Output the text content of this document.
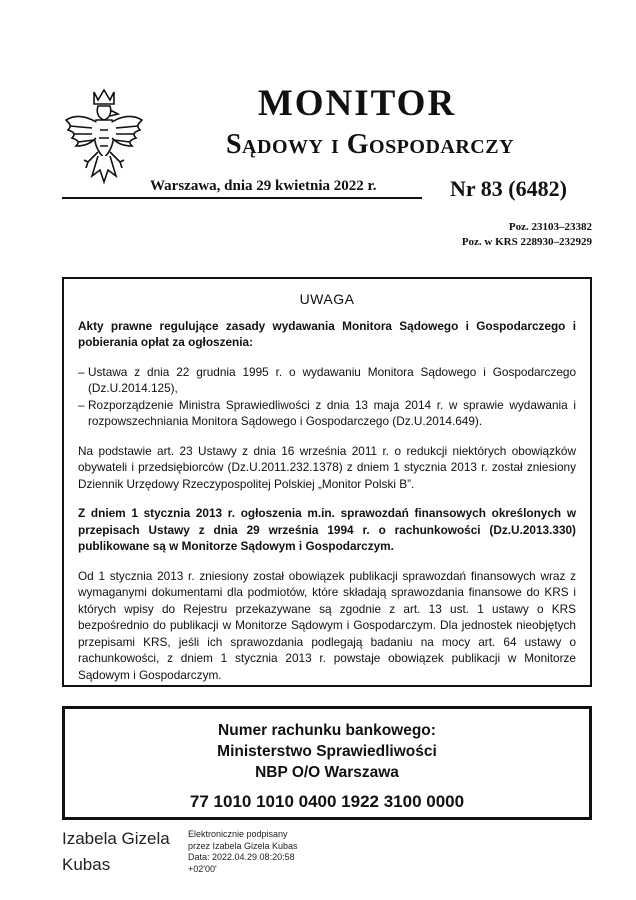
MONITOR
Sądowy i Gospodarczy
Warszawa, dnia 29 kwietnia 2022 r.	Nr 83 (6482)
Poz. 23103–23382
Poz. w KRS 228930–232929
UWAGA

Akty prawne regulujące zasady wydawania Monitora Sądowego i Gospodarczego i pobierania opłat za ogłoszenia:

– Ustawa z dnia 22 grudnia 1995 r. o wydawaniu Monitora Sądowego i Gospodarczego (Dz.U.2014.125),
– Rozporządzenie Ministra Sprawiedliwości z dnia 13 maja 2014 r. w sprawie wydawania i rozpowszechniania Monitora Sądowego i Gospodarczego (Dz.U.2014.649).

Na podstawie art. 23 Ustawy z dnia 16 września 2011 r. o redukcji niektórych obowiązków obywateli i przedsiębiorców (Dz.U.2011.232.1378) z dniem 1 stycznia 2013 r. został zniesiony Dziennik Urzędowy Rzeczypospolitej Polskiej „Monitor Polski B”.

Z dniem 1 stycznia 2013 r. ogłoszenia m.in. sprawozdań finansowych określonych w przepisach Ustawy z dnia 29 września 1994 r. o rachunkowości (Dz.U.2013.330) publikowane są w Monitorze Sądowym i Gospodarczym.

Od 1 stycznia 2013 r. zniesiony został obowiązek publikacji sprawozdań finansowych wraz z wymaganymi dokumentami dla podmiotów, które składają sprawozdania finansowe do KRS i których wpisy do Rejestru przekazywane są zgodnie z art. 13 ust. 1 ustawy o KRS bezpośrednio do publikacji w Monitorze Sądowym i Gospodarczym. Dla jednostek nieobjętych przepisami KRS, jeśli ich sprawozdania podlegają badaniu na mocy art. 64 ustawy o rachunkowości, z dniem 1 stycznia 2013 r. powstaje obowiązek publikacji w Monitorze Sądowym i Gospodarczym.

Numer rachunku bankowego:
Ministerstwo Sprawiedliwości
NBP O/O Warszawa
77 1010 1010 0400 1922 3100 0000
Izabela Gizela
Kubas
Elektronicznie podpisany
przez Izabela Gizela Kubas
Data: 2022.04.29 08:20:58
+02'00'
